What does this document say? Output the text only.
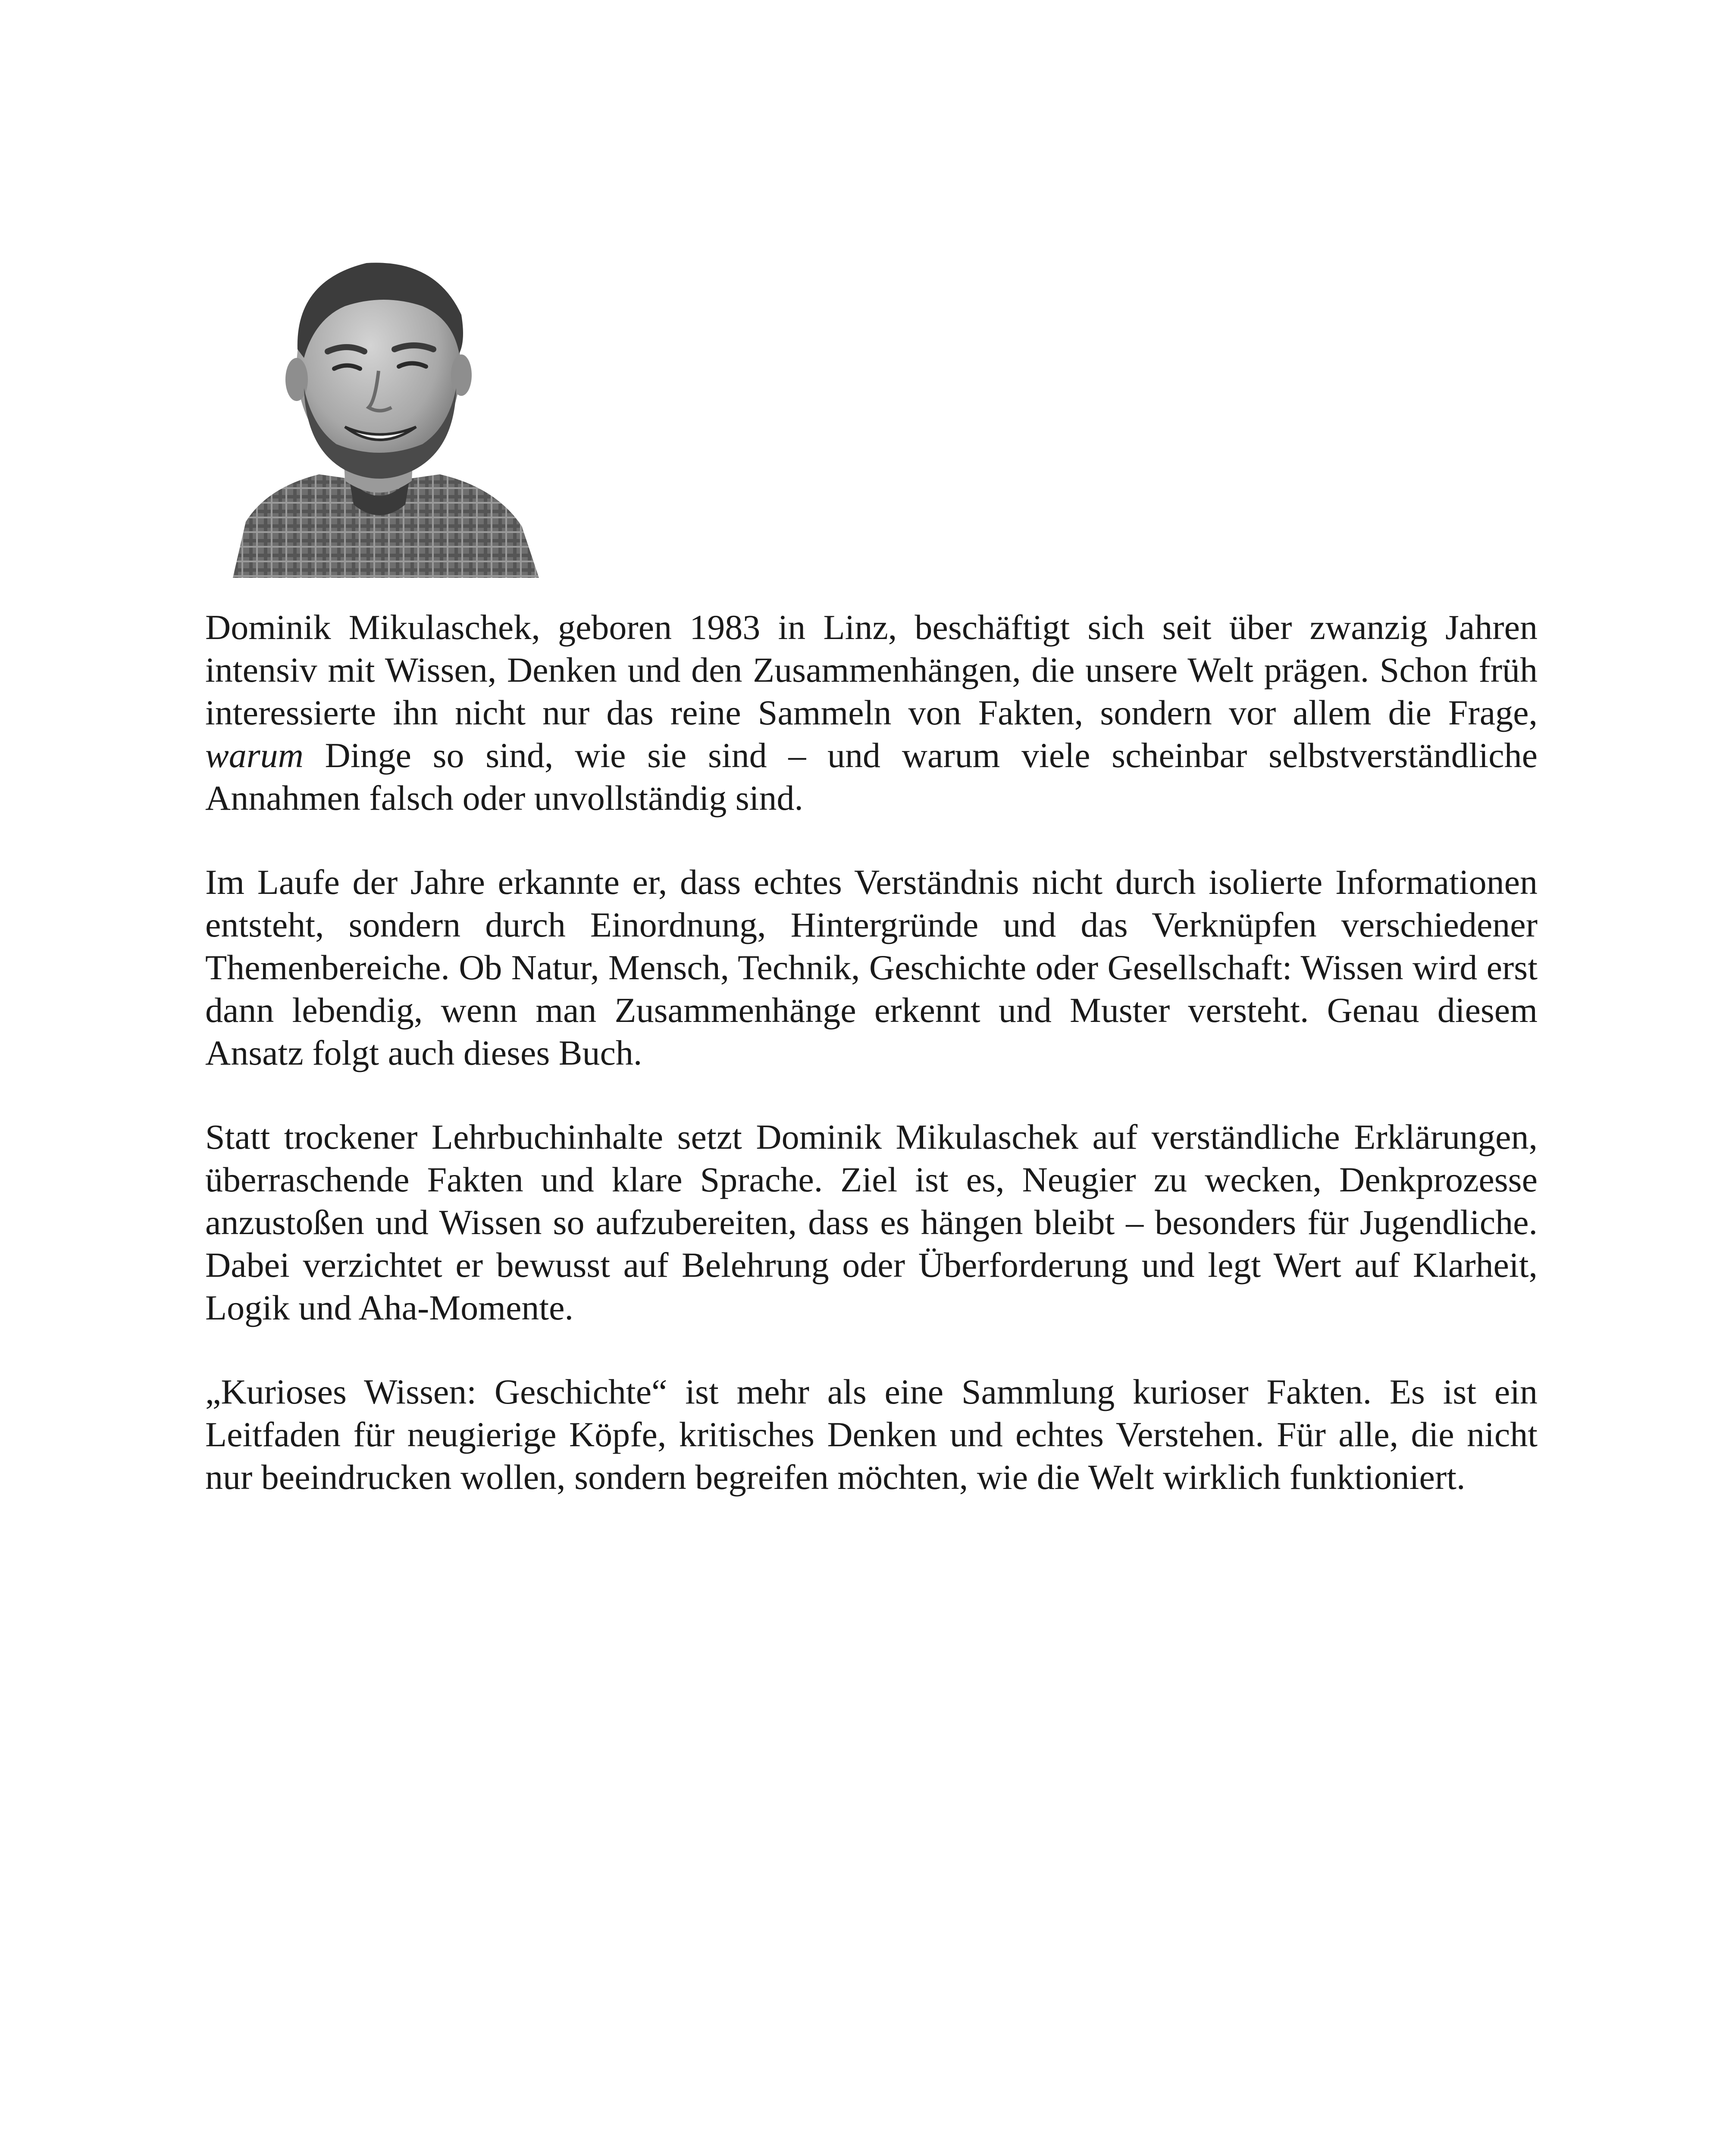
Dominik Mikulaschek, geboren 1983 in Linz, beschäftigt sich seit über zwanzig Jahren intensiv mit Wissen, Denken und den Zusammenhängen, die unsere Welt prägen. Schon früh interessierte ihn nicht nur das reine Sammeln von Fakten, sondern vor allem die Frage, warum Dinge so sind, wie sie sind – und warum viele scheinbar selbstverständliche Annahmen falsch oder unvollständig sind.

Im Laufe der Jahre erkannte er, dass echtes Verständnis nicht durch isolierte Informationen entsteht, sondern durch Einordnung, Hintergründe und das Verknüpfen verschiedener Themenbereiche. Ob Natur, Mensch, Technik, Geschichte oder Gesellschaft: Wissen wird erst dann lebendig, wenn man Zusammenhänge erkennt und Muster versteht. Genau diesem Ansatz folgt auch dieses Buch.

Statt trockener Lehrbuchinhalte setzt Dominik Mikulaschek auf verständliche Erklärungen, überraschende Fakten und klare Sprache. Ziel ist es, Neugier zu wecken, Denkprozesse anzustoßen und Wissen so aufzubereiten, dass es hängen bleibt – besonders für Jugendliche. Dabei verzichtet er bewusst auf Belehrung oder Überforderung und legt Wert auf Klarheit, Logik und Aha-Momente.

„Kurioses Wissen: Geschichte“ ist mehr als eine Sammlung kurioser Fakten. Es ist ein Leitfaden für neugierige Köpfe, kritisches Denken und echtes Verstehen. Für alle, die nicht nur beeindrucken wollen, sondern begreifen möchten, wie die Welt wirklich funktioniert.
